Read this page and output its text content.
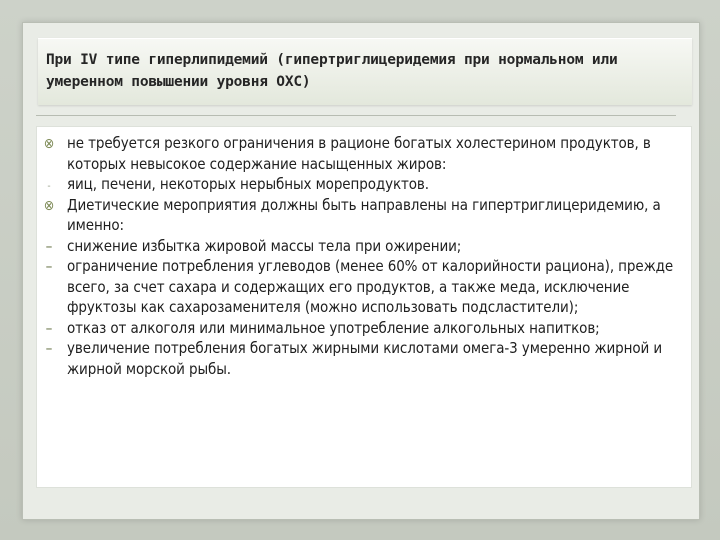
При IV типе гиперлипидемий (гипертриглицеридемия при нормальном или умеренном повышении уровня ОХС)
⊗ не требуется резкого ограничения в рационе богатых холестерином продуктов, в которых невысокое содержание насыщенных жиров:
-	яиц, печени, некоторых нерыбных морепродуктов.
⊗ Диетические мероприятия должны быть направлены на гипертриглицеридемию, а именно:
– снижение избытка жировой массы тела при ожирении;
– ограничение потребления углеводов (менее 60% от калорийности рациона), прежде всего, за счет сахара и содержащих его продуктов, а также меда, исключение фруктозы как сахарозаменителя (можно использовать подсластители);
– отказ от алкоголя или минимальное употребление алкогольных напитков;
– увеличение потребления богатых жирными кислотами омега-3 умеренно жирной и жирной морской рыбы.
